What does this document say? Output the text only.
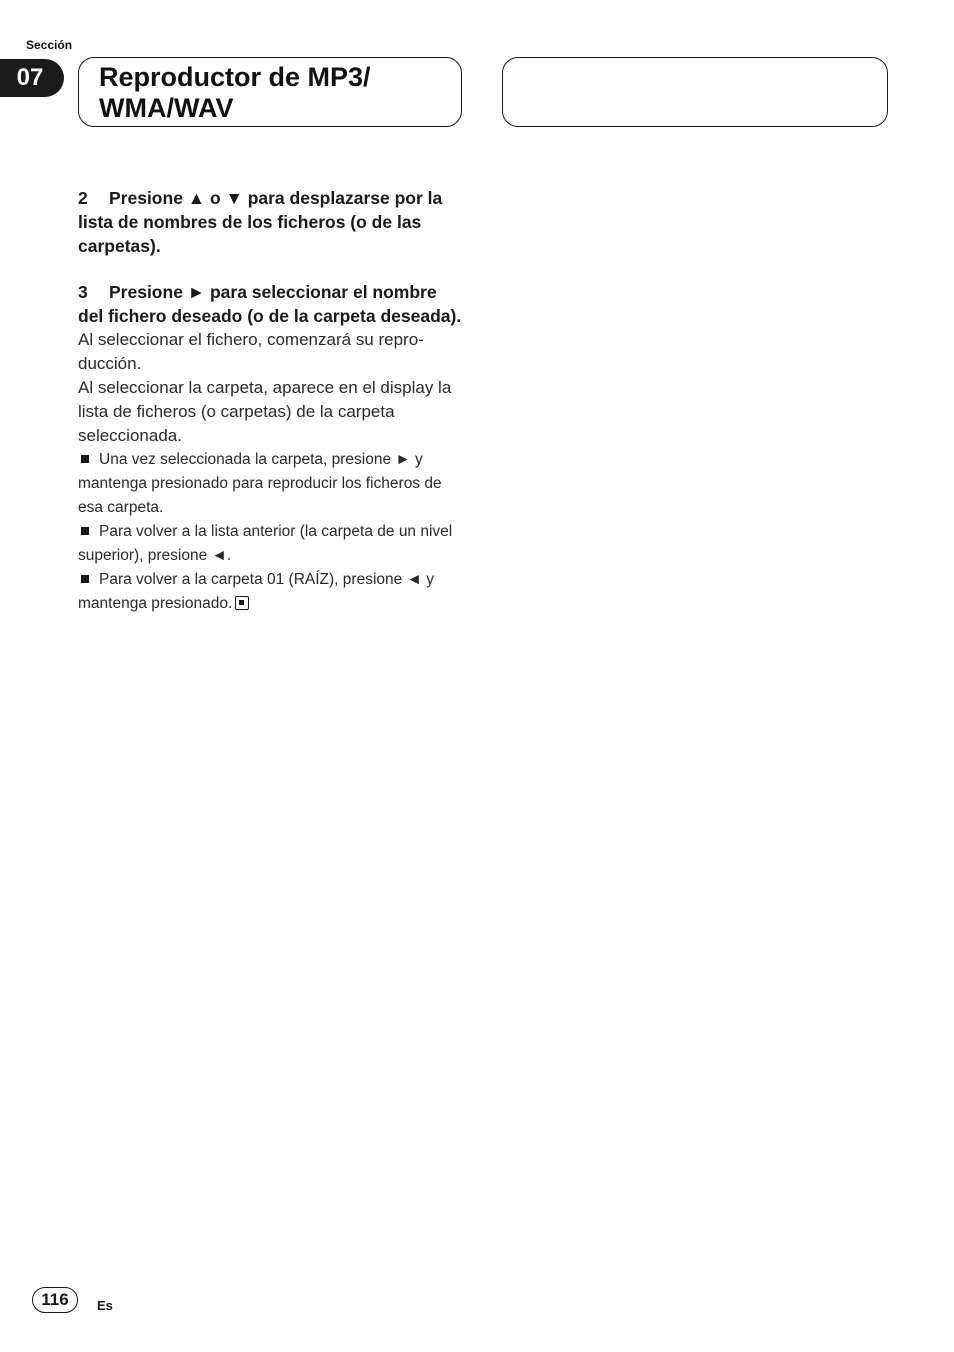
Sección
07	Reproductor de MP3/
WMA/WAV

2 Presione ▲ o ▼ para desplazarse por la lista de nombres de los ficheros (o de las carpetas).

3 Presione ► para seleccionar el nombre del fichero deseado (o de la carpeta deseada).

Al seleccionar el fichero, comenzará su reproducción.

Al seleccionar la carpeta, aparece en el display la lista de ficheros (o carpetas) de la carpeta seleccionada.

Una vez seleccionada la carpeta, presione ► y mantenga presionado para reproducir los ficheros de esa carpeta.

Para volver a la lista anterior (la carpeta de un nivel superior), presione ◄.

Para volver a la carpeta 01 (RAÍZ), presione ◄ y mantenga presionado.

116	Es
